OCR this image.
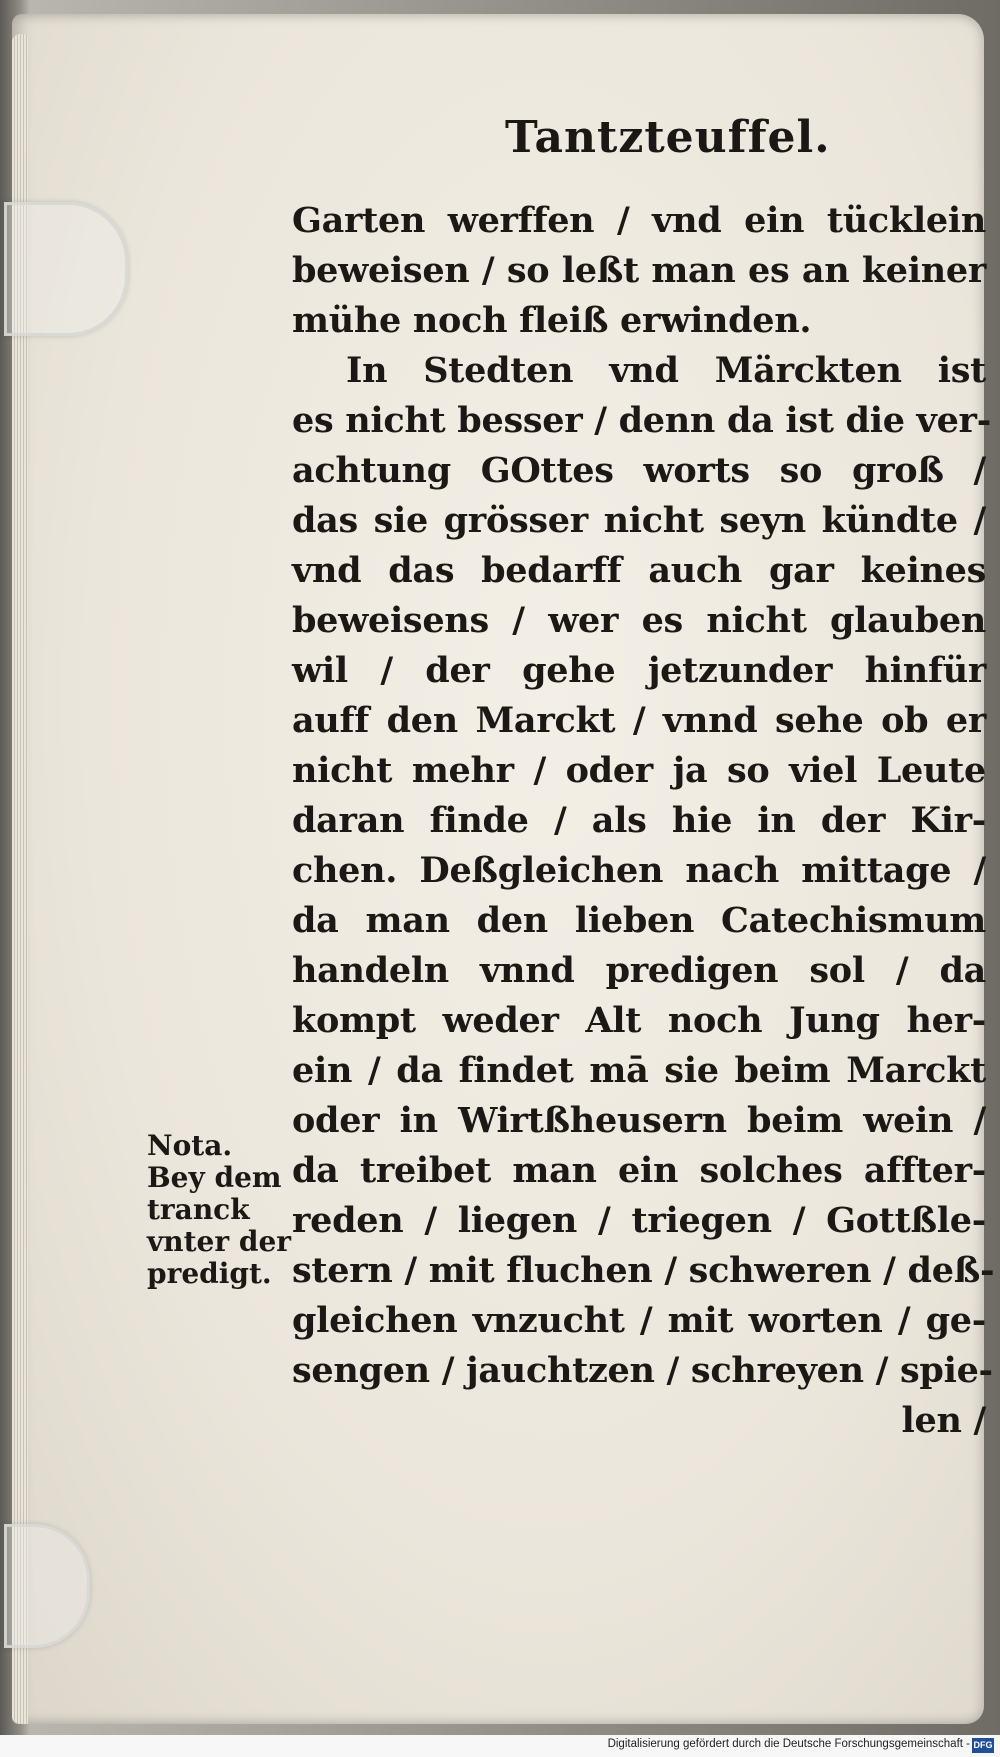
Tantzteuffel.
Garten werffen / vnd ein tücklein
beweisen / so leßt man es an keiner
mühe noch fleiß erwinden.
In Stedten vnd Märckten ist
es nicht besser / denn da ist die ver-
achtung GOttes worts so groß /
das sie grösser nicht seyn kündte /
vnd das bedarff auch gar keines
beweisens / wer es nicht glauben
wil / der gehe jetzunder hinfür
auff den Marckt / vnnd sehe ob er
nicht mehr / oder ja so viel Leute
daran finde / als hie in der Kir-
chen. Deßgleichen nach mittage /
da man den lieben Catechismum
handeln vnnd predigen sol / da
kompt weder Alt noch Jung her-
ein / da findet mā sie beim Marckt
oder in Wirtßheusern beim wein /
da treibet man ein solches affter-
reden / liegen / triegen / Gottßle-
stern / mit fluchen / schweren / deß-
gleichen vnzucht / mit worten / ge-
sengen / jauchtzen / schreyen / spie-
len /
Nota.
Bey dem
tranck
vnter der
predigt.
Digitalisierung gefördert durch die Deutsche Forschungsgemeinschaft - DFG
